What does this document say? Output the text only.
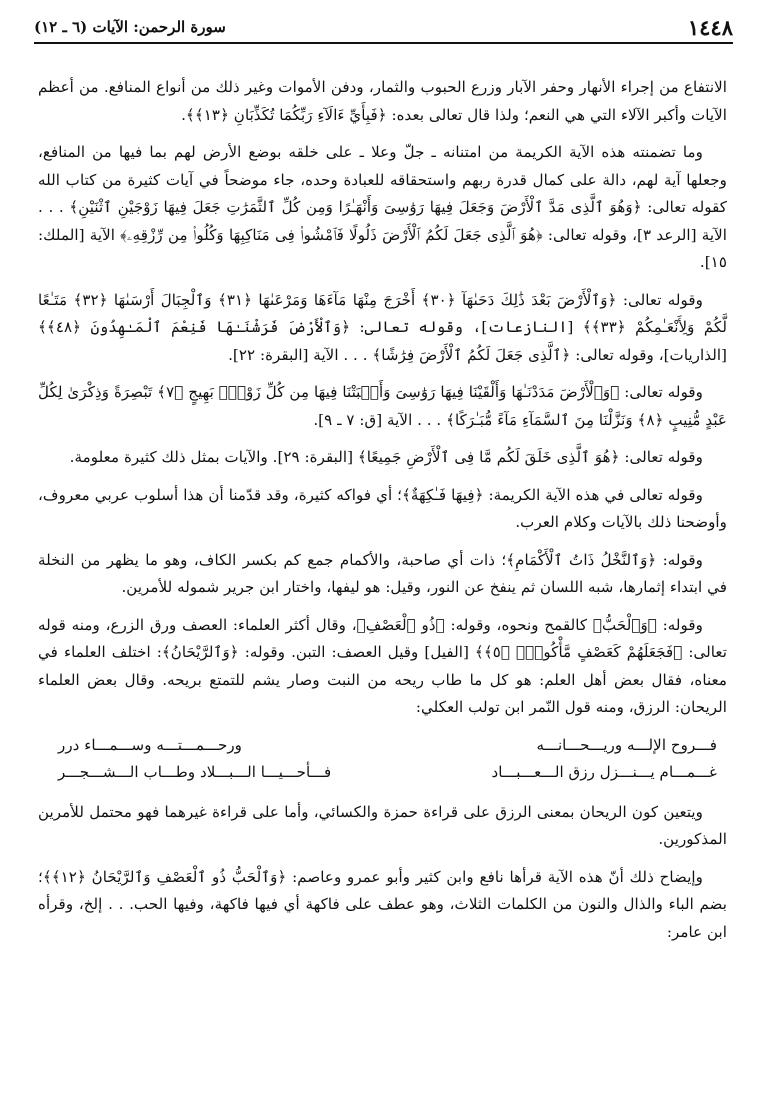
١٤٤٨
سورة الرحمن: الآيات (٦ ـ ١٢)

الانتفاع من إجراء الأنهار وحفر الآبار وزرع الحبوب والثمار، ودفن الأموات وغير ذلك من أنواع المنافع. من أعظم الآيات وأكبر الآلاء التي هي النعم؛ ولذا قال تعالى بعده: ﴿فَبِأَيِّ ءَالَآءِ رَبِّكُمَا تُكَذِّبَانِ ﴿١٣﴾﴾.

وما تضمنته هذه الآية الكريمة من امتنانه ـ جلّ وعلا ـ على خلقه بوضع الأرض لهم بما فيها من المنافع، وجعلها آية لهم، دالة على كمال قدرة ربهم واستحقاقه للعبادة وحده، جاء موضحاً في آيات كثيرة من كتاب الله كقوله تعالى: ﴿وَهُوَ ٱلَّذِى مَدَّ ٱلْأَرْضَ وَجَعَلَ فِيهَا رَوَٰسِىَ وَأَنْهَـٰرًا وَمِن كُلِّ ٱلثَّمَرَٰتِ جَعَلَ فِيهَا زَوْجَيْنِ ٱثْنَيْنِ﴾ . . . الآية [الرعد ٣]، وقوله تعالى: ﴿هُوَ ٱلَّذِى جَعَلَ لَكُمُ ٱلْأَرْضَ ذَلُولًا فَٱمْشُوا۟ فِى مَنَاكِبِهَا وَكُلُوا۟ مِن رِّزْقِهِۦ﴾ الآية [الملك: ١٥].

وقوله تعالى: ﴿وَٱلْأَرْضَ بَعْدَ ذَٰلِكَ دَحَىٰهَآ ﴿٣٠﴾ أَخْرَجَ مِنْهَا مَآءَهَا وَمَرْعَىٰهَا ﴿٣١﴾ وَٱلْجِبَالَ أَرْسَىٰهَا ﴿٣٢﴾ مَتَـٰعًا لَّكُمْ وَلِأَنْعَـٰمِكُمْ ﴿٣٣﴾﴾ [النازعات]، وقوله تعالى: ﴿وَٱلْأَرْضَ فَرَشْنَـٰهَا فَنِعْمَ ٱلْمَـٰهِدُونَ ﴿٤٨﴾﴾ [الذاريات]، وقوله تعالى: ﴿ٱلَّذِى جَعَلَ لَكُمُ ٱلْأَرْضَ فِرَٰشًا﴾ . . . الآية [البقرة: ٢٢].

وقوله تعالى: ﴿وَٱلْأَرْضَ مَدَدْنَـٰهَا وَأَلْقَيْنَا فِيهَا رَوَٰسِىَ وَأَنۢبَتْنَا فِيهَا مِن كُلِّ زَوْجٍۭ بَهِيجٍ ﴿٧﴾ تَبْصِرَةً وَذِكْرَىٰ لِكُلِّ عَبْدٍ مُّنِيبٍ ﴿٨﴾ وَنَزَّلْنَا مِنَ ٱلسَّمَآءِ مَآءً مُّبَـٰرَكًا﴾ . . . الآية [ق: ٧ ـ ٩].

وقوله تعالى: ﴿هُوَ ٱلَّذِى خَلَقَ لَكُم مَّا فِى ٱلْأَرْضِ جَمِيعًا﴾ [البقرة: ٢٩]. والآيات بمثل ذلك كثيرة معلومة.

وقوله تعالى في هذه الآية الكريمة: ﴿فِيهَا فَـٰكِهَةٌ﴾؛ أي فواكه كثيرة، وقد قدّمنا أن هذا أسلوب عربي معروف، وأوضحنا ذلك بالآيات وكلام العرب.

وقوله: ﴿وَٱلنَّخْلُ ذَاتُ ٱلْأَكْمَامِ﴾؛ ذات أي صاحبة، والأكمام جمع كم بكسر الكاف، وهو ما يظهر من النخلة في ابتداء إثمارها، شبه اللسان ثم ينفخ عن النور، وقيل: هو ليفها، واختار ابن جرير شموله للأمرين.

وقوله: ﴿وَٱلْحَبُّ﴾ كالقمح ونحوه، وقوله: ﴿ذُو ٱلْعَصْفِ﴾، وقال أكثر العلماء: العصف ورق الزرع، ومنه قوله تعالى: ﴿فَجَعَلَهُمْ كَعَصْفٍ مَّأْكُولٍۭ ﴿٥﴾﴾ [الفيل] وقيل العصف: التبن. وقوله: ﴿وَٱلرَّيْحَانُ﴾: اختلف العلماء في معناه، فقال بعض أهل العلم: هو كل ما طاب ريحه من النبت وصار يشم للتمتع بريحه. وقال بعض العلماء الريحان: الرزق، ومنه قول النّمر ابن تولب العكلي:

فـــروح الإلـــه وريـــحـــانـــه
ورحـــمـــتـــه وســـمـــاء درر
غـــمـــام يـــنـــزل رزق الـــعـــبـــاد
فـــأحـــيـــا الـــبـــلاد وطـــاب الـــشـــجـــر

ويتعين كون الريحان بمعنى الرزق على قراءة حمزة والكسائي، وأما على قراءة غيرهما فهو محتمل للأمرين المذكورين.

وإيضاح ذلك أنّ هذه الآية قرأها نافع وابن كثير وأبو عمرو وعاصم: ﴿وَٱلْحَبُّ ذُو ٱلْعَصْفِ وَٱلرَّيْحَانُ ﴿١٢﴾﴾؛ بضم الباء والذال والنون من الكلمات الثلاث، وهو عطف على فاكهة أي فيها فاكهة، وفيها الحب. . . إلخ، وقرأه ابن عامر:
